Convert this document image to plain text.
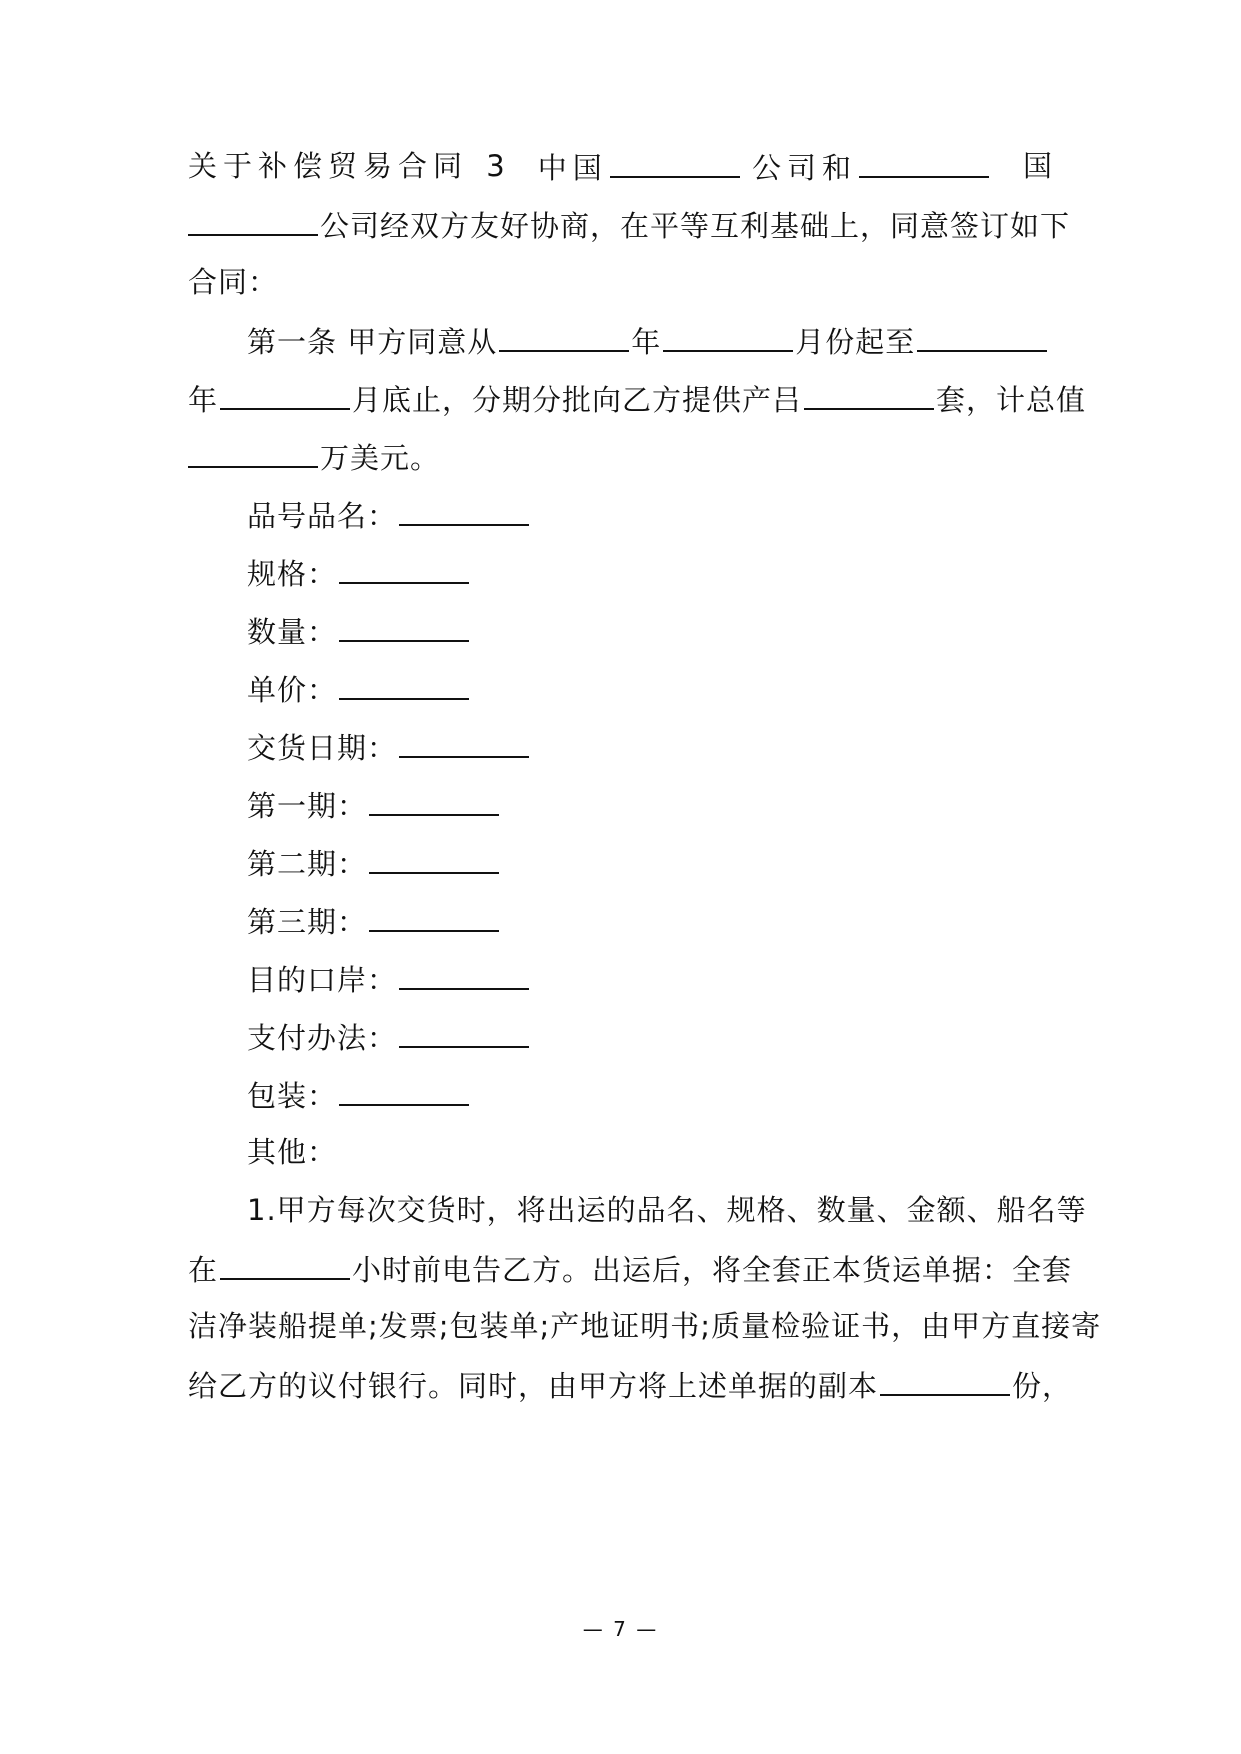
关于补偿贸易合同 3 中国	公司和	国
公司经双方友好协商，在平等互利基础上，同意签订如下
合同：
第一条 甲方同意从	年	月份起至
年	月底止，分期分批向乙方提供产吕	套，计总值
万美元。
品号品名：
规格：
数量：
单价：
交货日期：
第一期：
第二期：
第三期：
目的口岸：
支付办法：
包装：
其他：
1.甲方每次交货时，将出运的品名、规格、数量、金额、船名等
在	小时前电告乙方。出运后，将全套正本货运单据：全套
洁净装船提单;发票;包装单;产地证明书;质量检验证书，由甲方直接寄
给乙方的议付银行。同时，由甲方将上述单据的副本	份，
— 7 —
